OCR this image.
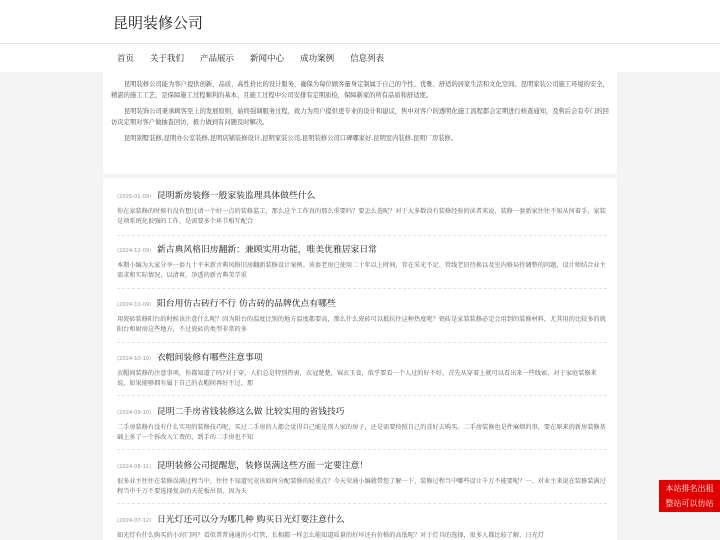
昆明装修公司
首页 关于我们 产品展示 新闻中心 成功案例 信息列表

昆明装修公司能为客户提供创新、品质、高性价比的设计服务，确保为每位顾客量身定制属于自己的个性、优雅、舒适的居家生活和文化空间。昆明家装公司施工环境的安全，精湛的施工工艺，是保障施工过程顺利的基本，且施工过程中公司安排有定期质检，保障新家的所有品质和舒适度。

昆明装饰公司秉承顾客至上的发展原则，始终强调服务过程，致力为用户提供更专业的设计和建议，售中对客户的透明化施工流程都会定期进行核查通知，及售后会有专门的回访页定期对客户做抽查回访，极力做到有问题及时解决。

昆明别墅装修,昆明办公室装修,昆明店铺装修设计,昆明家装公司,昆明装修公司口碑哪家好,昆明室内装修,昆明厂房装修。

(2025-01-09) 昆明新房装修一般家装监理具体做些什么
你在家装修的时候有没有想过请一个好一点的装修监工，那么这个工作真的那么重要吗？要怎么选呢？对于大多数没有装修经验的读者来说，装修一套新家往往不知从何着手，家装是项系统化很强的工作，是需要多个环节相互配合
(2024-12-09) 新古典风格旧房翻新：兼顾实用功能，唯美优雅居家日常
本期小编为大家分享一套九十平米新古典风格旧房翻新装修设计案例。该套老房已使用二十年以上时间，存在采光不足、管线老旧待换以及室内格局待调整的问题，设计师结合业主需求和实际情况，以清爽、净透的新古典美学重
(2024-11-09) 阳台用仿古砖行不行 仿古砖的品牌优点有哪些
用瓷砖装修阳台的时候该注意什么呢？因为阳台的温度比别的地方温度都要高，那么什么瓷砖可以抵抗住这种热度呢？瓷砖是家装装修必定会用到的装修材料，尤其用的比较多的就阳台和厨房这些地方，不过瓷砖的类型非常的多
(2024-10-10) 衣帽间装修有哪些注意事项
衣帽间装修的注意事项，你都知道了吗?对于穿，人们总是特别热衷，衣冠楚楚，锦衣玉食，似乎要看一个人过的好不好，首先从穿着上就可以看出来一些线索，对于家庭装修来说，如果能够拥有属于自己的衣帽间再好不过，那
(2024-09-10) 昆明二手房省钱装修这么做 比较实用的省钱技巧
二手房装修有没有什么实用的装修技巧呢，买过二手房的人都会觉得自己能是别人家的房子，还是需要按照自己的喜好去购买。二手房装修也是件麻烦的事，要在原来的新房装修基础上多了一个拆改入工费的，到手的二手房也不知
(2024-08-11) 昆明装修公司提醒您，装修误满这些方面一定要注意！
很多业主往往在装修误满过程当中，往往不知道究竟该如何分配装修的轻重点？今天荣通小编就带您了解一下，装修过程当中哪些设计千万不能要呢？一、对业主来说在装修装满过程当中千万不要选择复杂的天花板吊顶，因为天
(2024-07-12) 日光灯还可以分为哪几种 购买日光灯要注意什么
如光灯有什么购买的小窍门吗？看似普普通通的小灯管，长相都一样怎么能知道质量的好坏还有价格的高低呢？对于灯具的选择，很多人都比较了解，日光灯
本站排名出租
整站可以仿站
